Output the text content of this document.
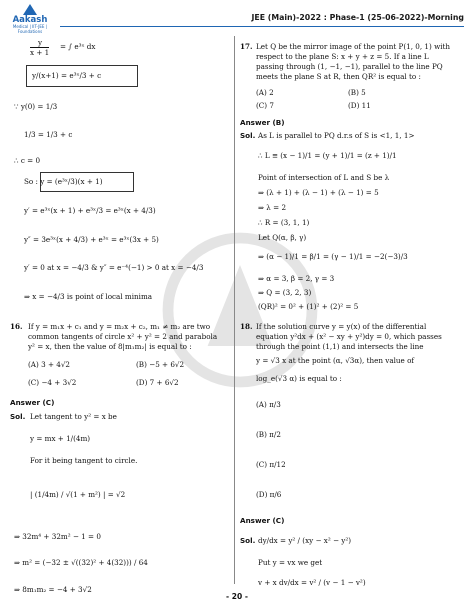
Aakash
Medical | IIT-JEE | Foundations
JEE (Main)-2022 : Phase-1 (25-06-2022)-Morning
y
x + 1
= ∫ e³ˣ dx
y/(x+1) = e³ˣ/3 + c
∵ y(0) = 1/3
1/3 = 1/3 + c
∴ c = 0
So : y = (e³ˣ/3)(x + 1)
y′ = e³ˣ(x + 1) + e³ˣ/3 = e³ˣ(x + 4/3)
y″ = 3e³ˣ(x + 4/3) + e³ˣ = e³ˣ(3x + 5)
y′ = 0 at x = −4/3 & y″ = e⁻⁴(−1) > 0 at x = −4/3
⇒ x = −4/3 is point of local minima
16. If y = m₁x + c₁ and y = m₂x + c₂, m₁ ≠ m₂ are two
common tangents of circle x² + y² = 2 and parabola
y² = x, then the value of 8|m₁m₂| is equal to :
(A) 3 + 4√2	(B) −5 + 6√2
(C) −4 + 3√2	(D) 7 + 6√2
Answer (C)
Sol. Let tangent to y² = x be
y = mx + 1/(4m)
For it being tangent to circle.
| (1/4m) / √(1 + m²) | = √2
⇒ 32m⁴ + 32m² − 1 = 0
⇒ m² = (−32 ± √((32)² + 4(32))) / 64
⇒ 8m₁m₂ = −4 + 3√2
17. Let Q be the mirror image of the point P(1, 0, 1) with
respect to the plane S: x + y + z = 5. If a line L
passing through (1, −1, −1), parallel to the line PQ
meets the plane S at R, then QR² is equal to :
(A) 2	(B) 5
(C) 7	(D) 11
Answer (B)
Sol. As L is parallel to PQ d.r.s of S is <1, 1, 1>
∴ L ≡ (x − 1)/1 = (y + 1)/1 = (z + 1)/1
Point of intersection of L and S be λ
⇒ (λ + 1) + (λ − 1) + (λ − 1) = 5
⇒ λ = 2
∴ R = (3, 1, 1)
Let Q(α, β, γ)
⇒ (α − 1)/1 = β/1 = (γ − 1)/1 = −2(−3)/3
⇒ α = 3, β = 2, γ = 3
⇒ Q = (3, 2, 3)
(QR)² = 0² + (1)² + (2)² = 5
18. If the solution curve y = y(x) of the differential
equation y²dx + (x² − xy + y²)dy = 0, which passes
through the point (1,1) and intersects the line
y = √3 x at the point (α, √3α), then value of
log_e(√3 α) is equal to :
(A) π/3
(B) π/2
(C) π/12
(D) π/6
Answer (C)
Sol. dy/dx = y² / (xy − x² − y²)
Put y = vx we get
v + x dv/dx = v² / (v − 1 − v²)
- 20 -
